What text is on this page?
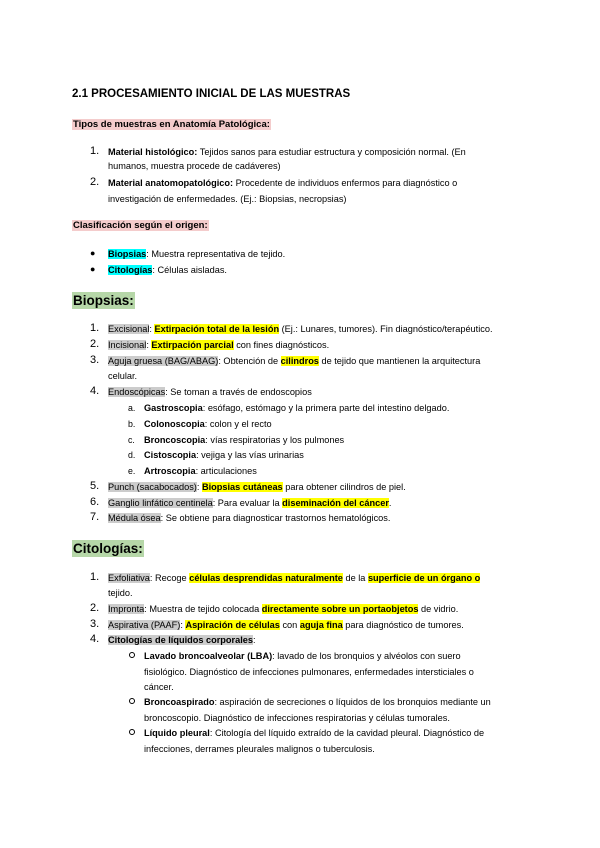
2.1 PROCESAMIENTO INICIAL DE LAS MUESTRAS
Tipos de muestras en Anatomía Patológica:
1. Material histológico: Tejidos sanos para estudiar estructura y composición normal. (En
humanos, muestra procede de cadáveres)
2. Material anatomopatológico: Procedente de individuos enfermos para diagnóstico o
investigación de enfermedades. (Ej.: Biopsias, necropsias)
Clasificación según el origen:
● Biopsias: Muestra representativa de tejido.
● Citologías: Células aisladas.
Biopsias:
1. Excisional: Extirpación total de la lesión (Ej.: Lunares, tumores). Fin diagnóstico/terapéutico.
2. Incisional: Extirpación parcial con fines diagnósticos.
3. Aguja gruesa (BAG/ABAG): Obtención de cilindros de tejido que mantienen la arquitectura
celular.
4. Endoscópicas: Se toman a través de endoscopios
a. Gastroscopia: esófago, estómago y la primera parte del intestino delgado.
b. Colonoscopia: colon y el recto
c. Broncoscopia: vías respiratorias y los pulmones
d. Cistoscopia: vejiga y las vías urinarias
e. Artroscopia: articulaciones
5. Punch (sacabocados): Biopsias cutáneas para obtener cilindros de piel.
6. Ganglio linfático centinela: Para evaluar la diseminación del cáncer.
7. Médula ósea: Se obtiene para diagnosticar trastornos hematológicos.
Citologías:
1. Exfoliativa: Recoge células desprendidas naturalmente de la superficie de un órgano o
tejido.
2. Impronta: Muestra de tejido colocada directamente sobre un portaobjetos de vidrio.
3. Aspirativa (PAAF): Aspiración de células con aguja fina para diagnóstico de tumores.
4. Citologías de líquidos corporales:
Lavado broncoalveolar (LBA): lavado de los bronquios y alvéolos con suero
fisiológico. Diagnóstico de infecciones pulmonares, enfermedades intersticiales o
cáncer.
Broncoaspirado: aspiración de secreciones o líquidos de los bronquios mediante un
broncoscopio. Diagnóstico de infecciones respiratorias y células tumorales.
Líquido pleural: Citología del líquido extraído de la cavidad pleural. Diagnóstico de
infecciones, derrames pleurales malignos o tuberculosis.
